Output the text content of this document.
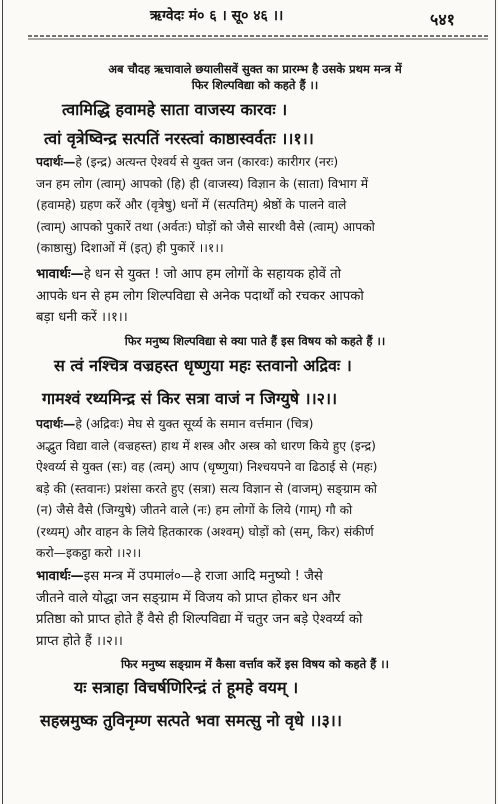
ऋग्वेदः मं० ६ । सू० ४६ ।।	५४१
अब चौदह ऋचावाले छयालीसवें सुक्त का प्रारम्भ है उसके प्रथम मन्त्र में
फिर शिल्पविद्या को कहते हैं ।।
त्वामिद्धि हवामहे साता वाजस्य कारवः ।
त्वां वृत्रेष्विन्द्र सत्पतिं नरस्त्वां काष्ठास्वर्वतः ।।१।।

पदार्थः—हे (इन्द्र) अत्यन्त ऐश्वर्य से युक्त जन (कारवः) कारीगर (नरः)

जन हम लोग (त्वाम्) आपको (हि) ही (वाजस्य) विज्ञान के (साता) विभाग में

(हवामहे) ग्रहण करें और (वृत्रेषु) धनों में (सत्पतिम्) श्रेष्ठों के पालने वाले

(त्वाम्) आपको पुकारें तथा (अर्वतः) घोड़ों को जैसे सारथी वैसे (त्वाम्) आपको

(काष्ठासु) दिशाओं में (इत्) ही पुकारें ।।१।।

भावार्थः—हे धन से युक्त ! जो आप हम लोगों के सहायक होवें तो

आपके धन से हम लोग शिल्पविद्या से अनेक पदार्थों को रचकर आपको

बड़ा धनी करें ।।१।।

फिर मनुष्य शिल्पविद्या से क्या पाते हैं इस विषय को कहते हैं ।।
स त्वं नश्चित्र वज्रहस्त धृष्णुया महः स्तवानो अद्रिवः ।
गामश्वं रथ्यमिन्द्र सं किर सत्रा वाजं न जिग्युषे ।।२।।

पदार्थः—हे (अद्रिवः) मेघ से युक्त सूर्य्य के समान वर्त्तमान (चित्र)

अद्भुत विद्या वाले (वज्रहस्त) हाथ में शस्त्र और अस्त्र को धारण किये हुए (इन्द्र)

ऐश्वर्य्य से युक्त (सः) वह (त्वम्) आप (धृष्णुया) निश्चयपने वा ढिठाई से (महः)

बड़े की (स्तवानः) प्रशंसा करते हुए (सत्रा) सत्य विज्ञान से (वाजम्) सङ्ग्राम को

(न) जैसे वैसे (जिग्युषे) जीतने वाले (नः) हम लोगों के लिये (गाम्) गौ को

(रथ्यम्) और वाहन के लिये हितकारक (अश्वम्) घोड़ों को (सम्, किर) संकीर्ण

करो—इकट्ठा करो ।।२।।

भावार्थः—इस मन्त्र में उपमालं०—हे राजा आदि मनुष्यो ! जैसे

जीतने वाले योद्धा जन सङ्ग्राम में विजय को प्राप्त होकर धन और

प्रतिष्ठा को प्राप्त होते हैं वैसे ही शिल्पविद्या में चतुर जन बड़े ऐश्वर्य्य को

प्राप्त होते हैं ।।२।।

फिर मनुष्य सङ्ग्राम में कैसा वर्त्ताव करें इस विषय को कहते हैं ।।
यः सत्राहा विचर्षणिरिन्द्रं तं हूमहे वयम् ।
सहस्रमुष्क तुविनृम्ण सत्पते भवा समत्सु नो वृधे ।।३।।
